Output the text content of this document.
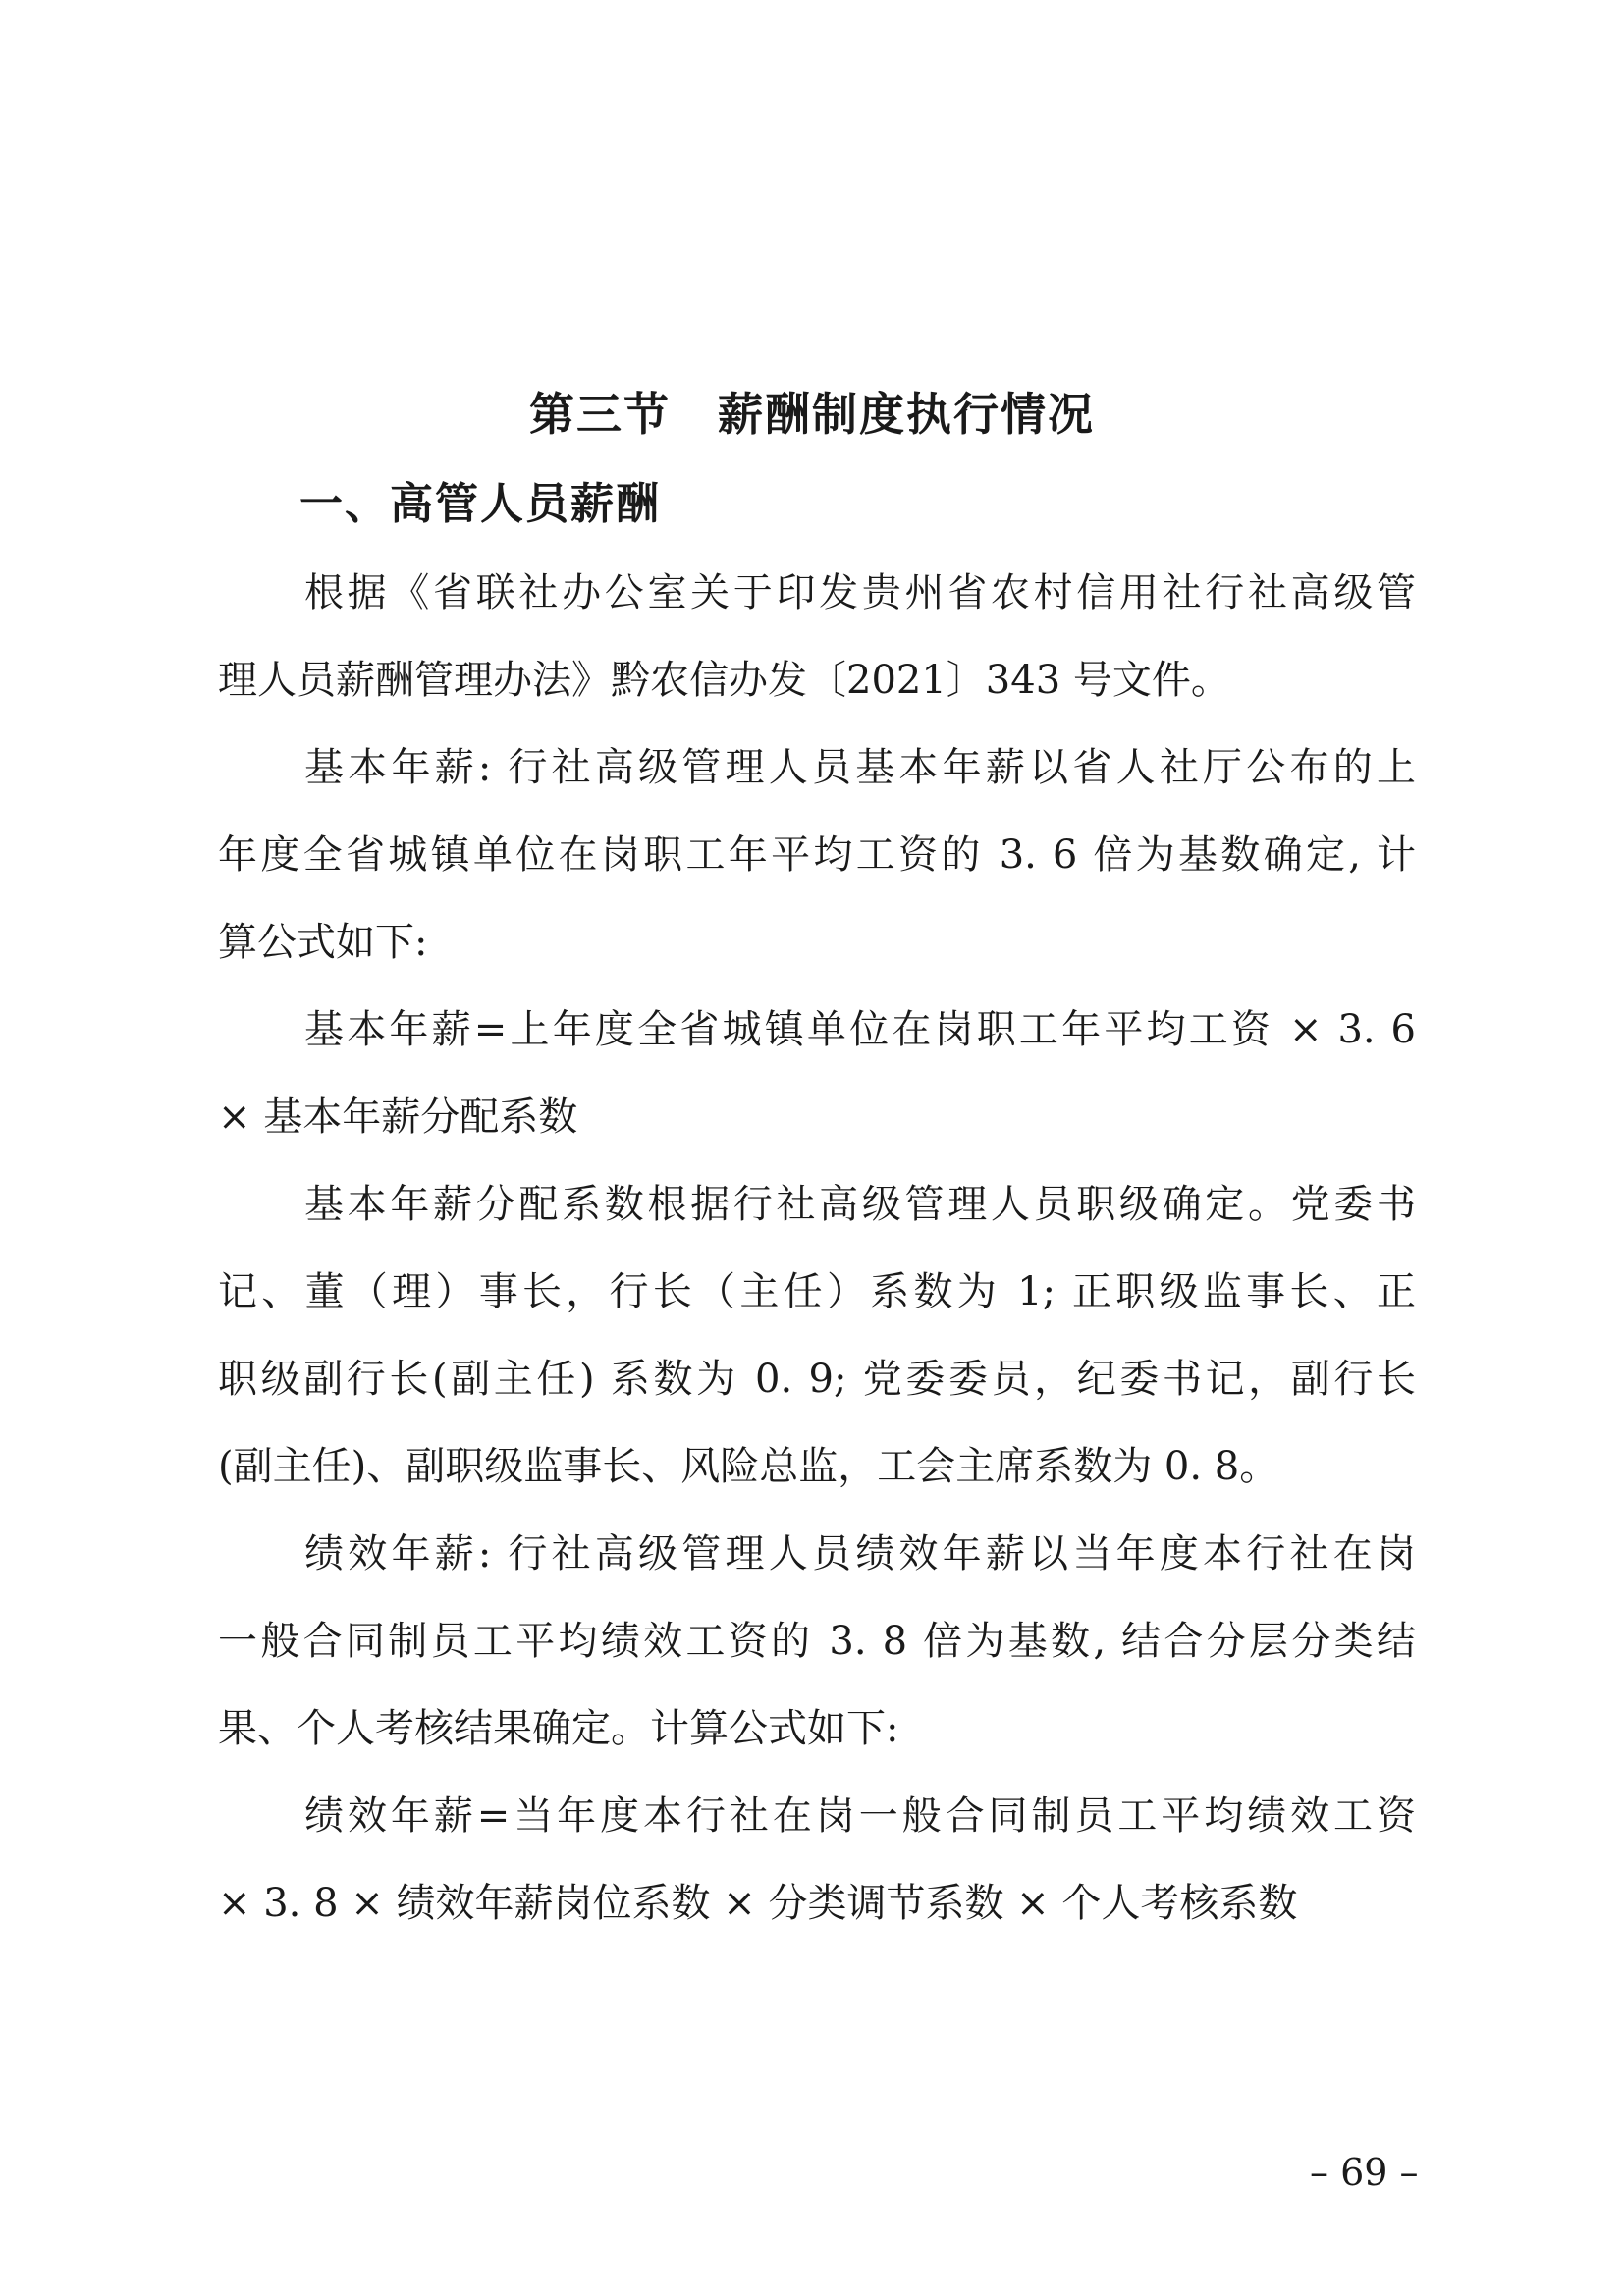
第三节　薪酬制度执行情况
一、高管人员薪酬
根据《省联社办公室关于印发贵州省农村信用社行社高级管
理人员薪酬管理办法》黔农信办发〔2021〕343 号文件。
基本年薪: 行社高级管理人员基本年薪以省人社厅公布的上
年度全省城镇单位在岗职工年平均工资的 3. 6 倍为基数确定, 计
算公式如下:
基本年薪=上年度全省城镇单位在岗职工年平均工资 × 3. 6
× 基本年薪分配系数
基本年薪分配系数根据行社高级管理人员职级确定。党委书
记、董（理）事长，行长（主任）系数为 1; 正职级监事长、正
职级副行长(副主任) 系数为 0. 9; 党委委员，纪委书记，副行长
(副主任)、副职级监事长、风险总监，工会主席系数为 0. 8。
绩效年薪: 行社高级管理人员绩效年薪以当年度本行社在岗
一般合同制员工平均绩效工资的 3. 8 倍为基数, 结合分层分类结
果、个人考核结果确定。计算公式如下:
绩效年薪=当年度本行社在岗一般合同制员工平均绩效工资
× 3. 8 × 绩效年薪岗位系数 × 分类调节系数 × 个人考核系数
– 69 –
